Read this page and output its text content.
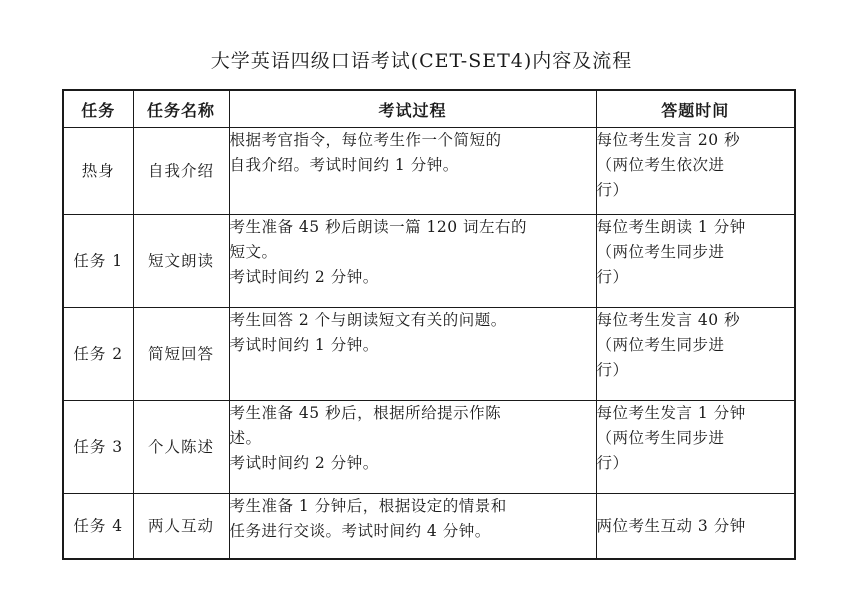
大学英语四级口语考试(CET-SET4)内容及流程
任务	任务名称	考试过程	答题时间
热身	自我介绍	根据考官指令，每位考生作一个简短的
自我介绍。考试时间约 1 分钟。	每位考生发言 20 秒
（两位考生依次进
行）

任务 1	短文朗读	考生准备 45 秒后朗读一篇 120 词左右的
短文。
考试时间约 2 分钟。	每位考生朗读 1 分钟
（两位考生同步进
行）

任务 2	简短回答	考生回答 2 个与朗读短文有关的问题。
考试时间约 1 分钟。	每位考生发言 40 秒
（两位考生同步进
行）

任务 3	个人陈述	考生准备 45 秒后，根据所给提示作陈
述。
考试时间约 2 分钟。	每位考生发言 1 分钟
（两位考生同步进
行）

任务 4	两人互动	考生准备 1 分钟后，根据设定的情景和
任务进行交谈。考试时间约 4 分钟。	两位考生互动 3 分钟
